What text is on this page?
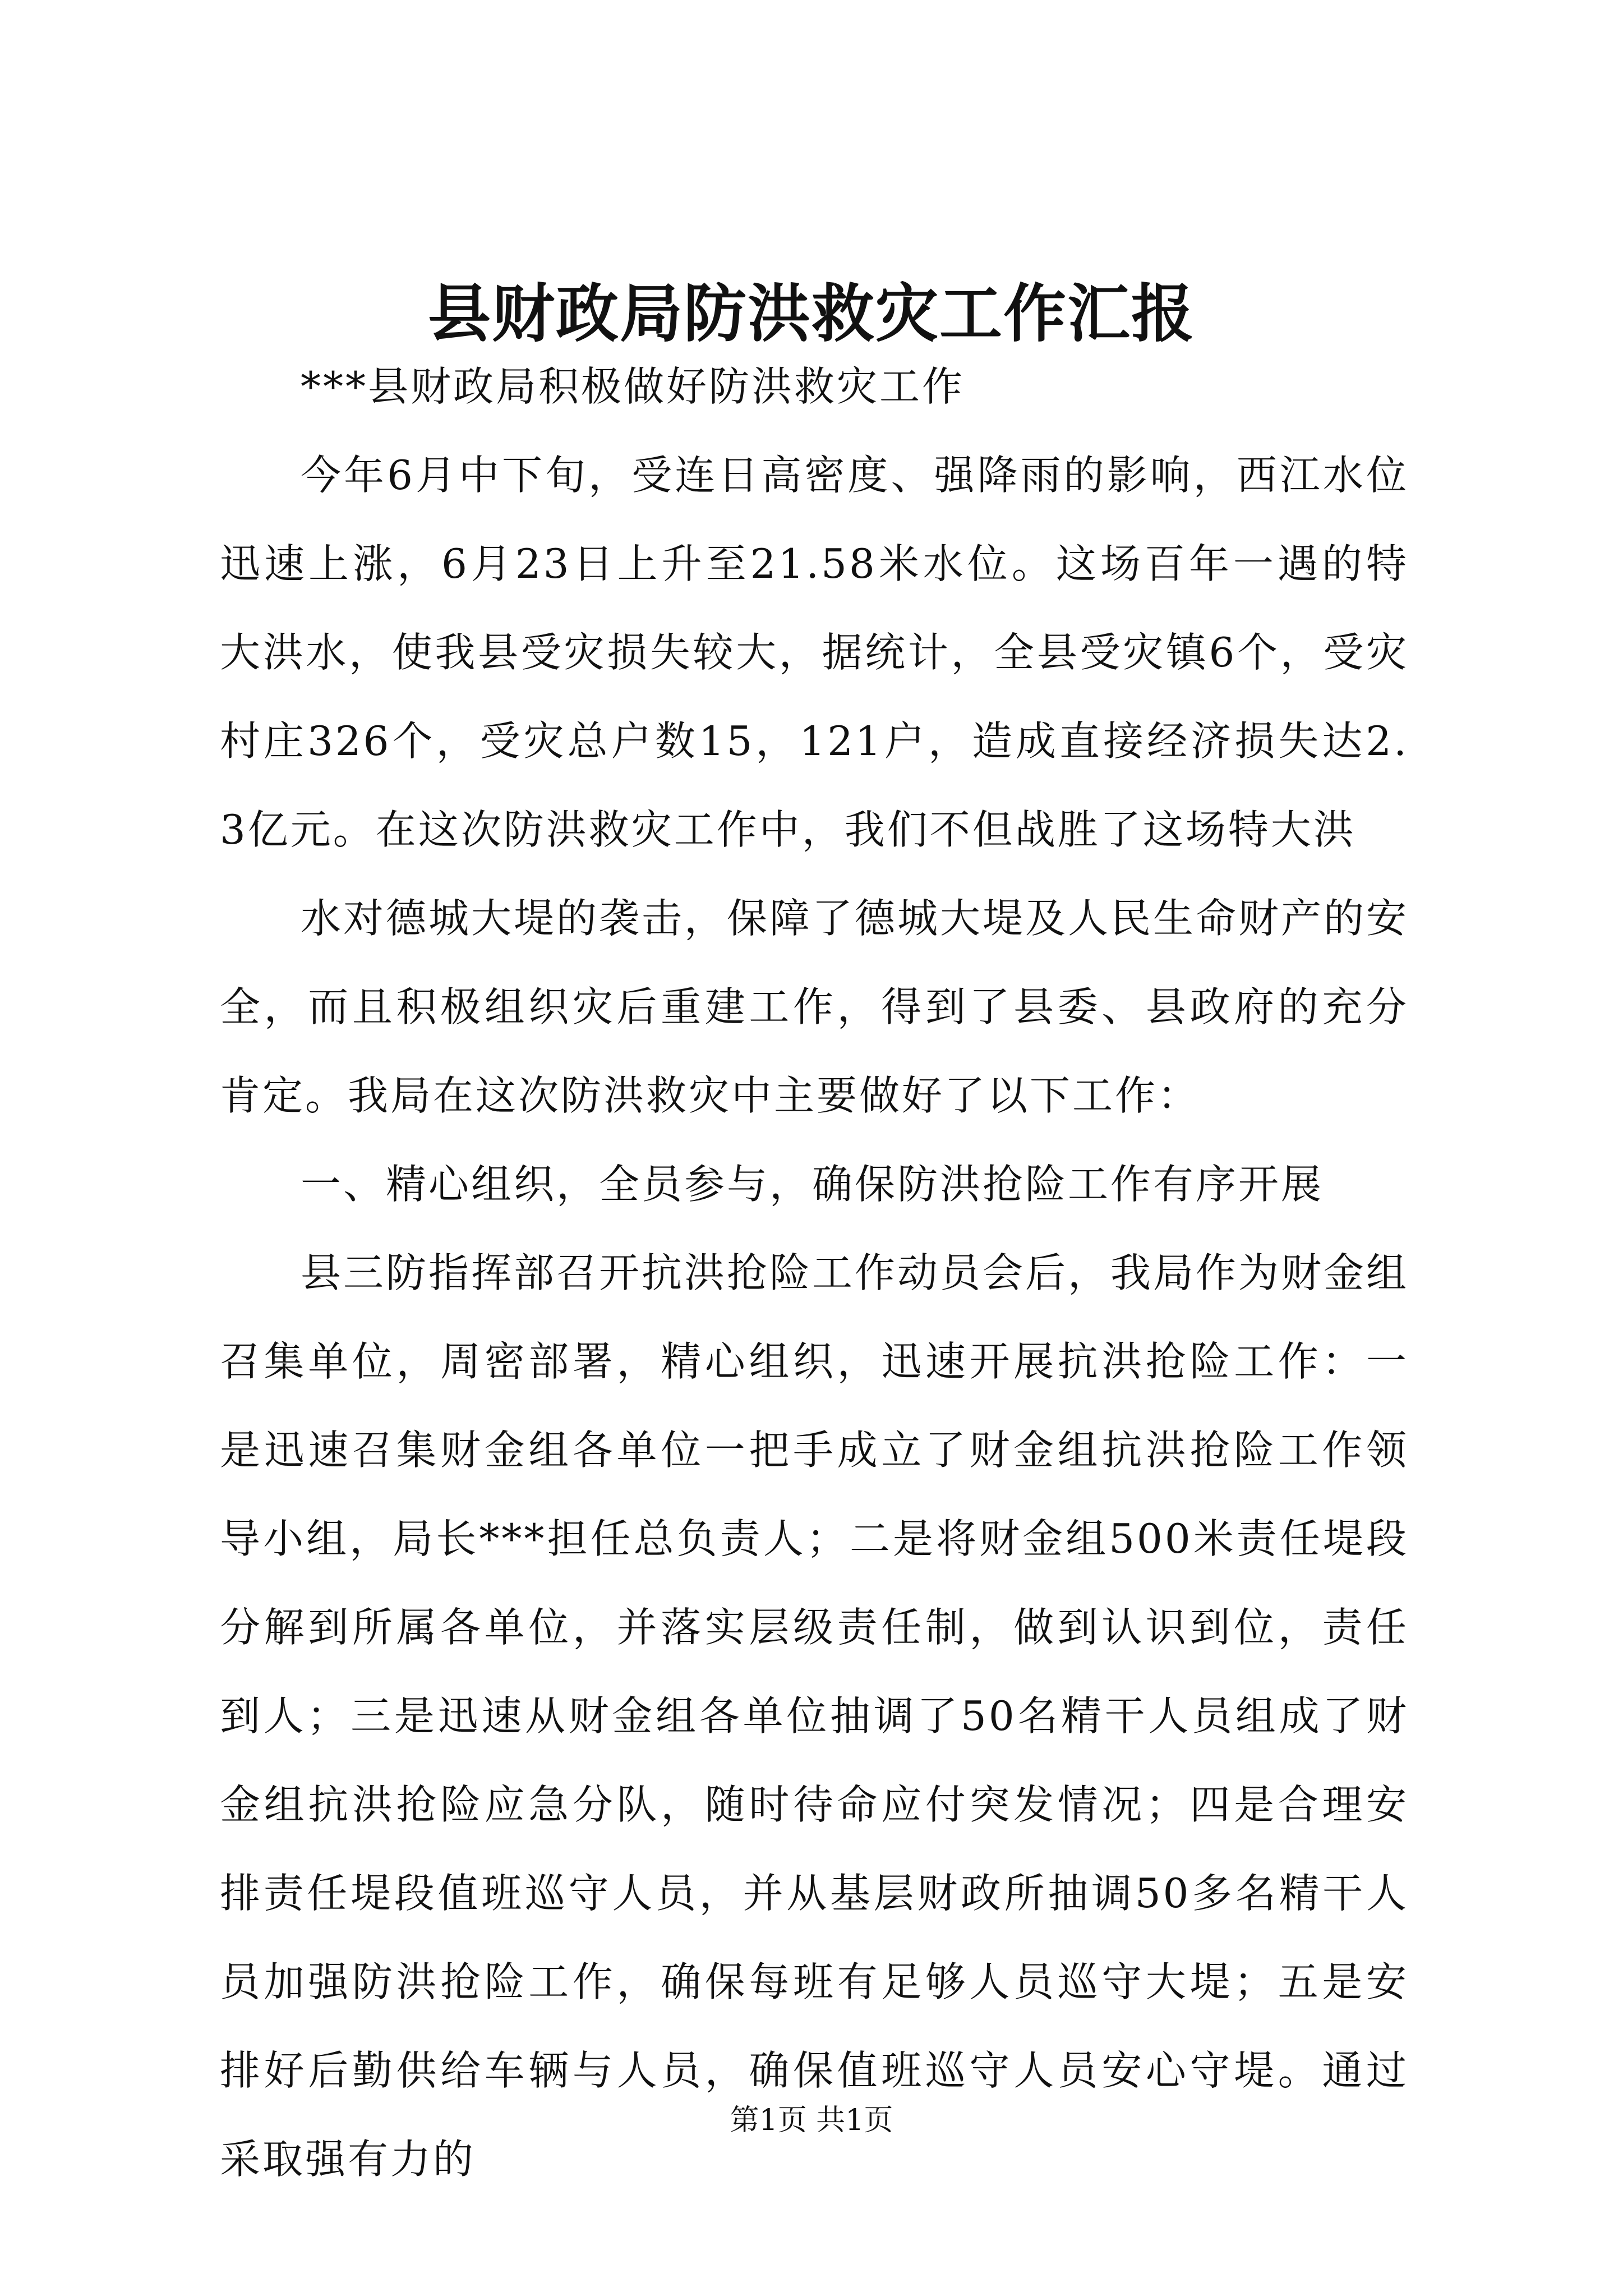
县财政局防洪救灾工作汇报

***县财政局积极做好防洪救灾工作

今年6月中下旬，受连日高密度、强降雨的影响，西江水位迅速上涨，6月23日上升至21.58米水位。这场百年一遇的特大洪水，使我县受灾损失较大，据统计，全县受灾镇6个，受灾村庄326个，受灾总户数15，121户，造成直接经济损失达2.3亿元。在这次防洪救灾工作中，我们不但战胜了这场特大洪

水对德城大堤的袭击，保障了德城大堤及人民生命财产的安全，而且积极组织灾后重建工作，得到了县委、县政府的充分肯定。我局在这次防洪救灾中主要做好了以下工作：

一、精心组织，全员参与，确保防洪抢险工作有序开展

县三防指挥部召开抗洪抢险工作动员会后，我局作为财金组召集单位，周密部署，精心组织，迅速开展抗洪抢险工作：一是迅速召集财金组各单位一把手成立了财金组抗洪抢险工作领导小组，局长***担任总负责人；二是将财金组500米责任堤段分解到所属各单位，并落实层级责任制，做到认识到位，责任到人；三是迅速从财金组各单位抽调了50名精干人员组成了财金组抗洪抢险应急分队，随时待命应付突发情况；四是合理安排责任堤段值班巡守人员，并从基层财政所抽调50多名精干人员加强防洪抢险工作，确保每班有足够人员巡守大堤；五是安排好后勤供给车辆与人员，确保值班巡守人员安心守堤。通过采取强有力的

第1页 共1页
